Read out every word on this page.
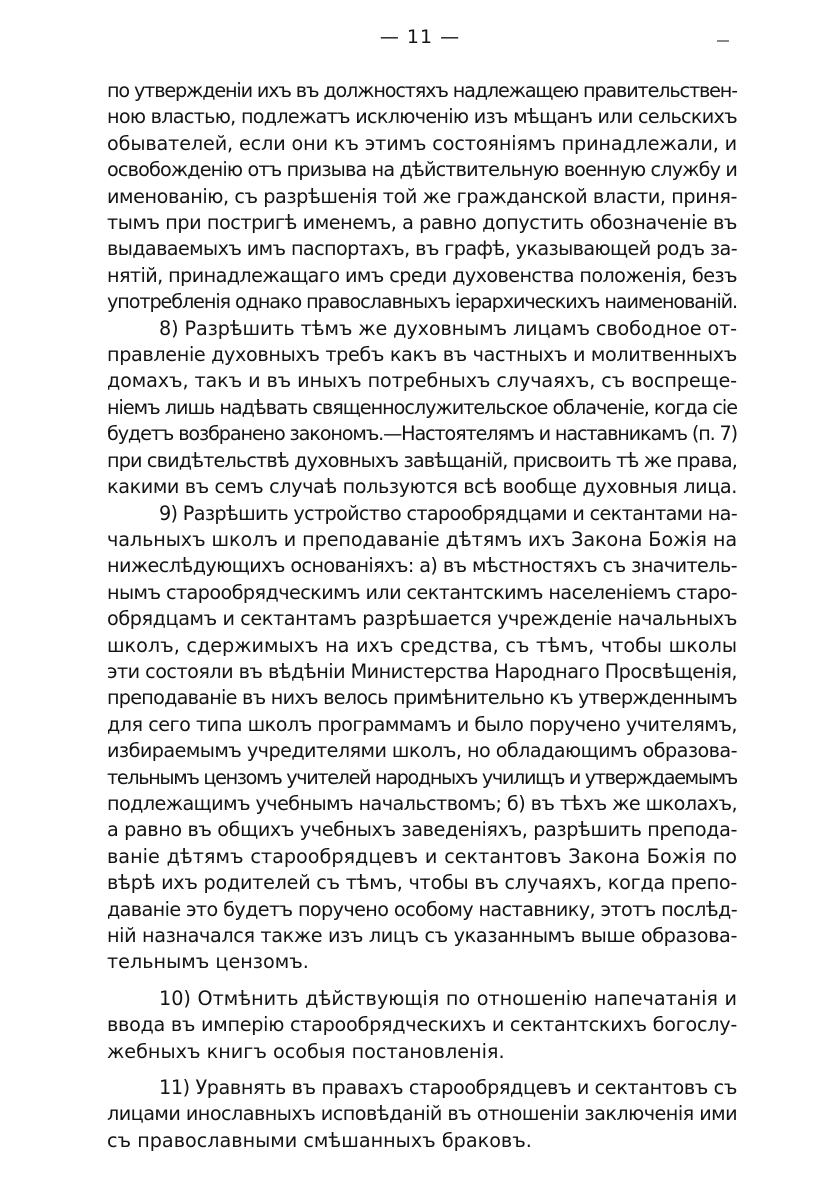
— 11 —
по утвержденіи ихъ въ должностяхъ надлежащею правительствен-
ною властью, подлежатъ исключенію изъ мѣщанъ или сельскихъ
обывателей, если они къ этимъ состояніямъ принадлежали, и
освобожденію отъ призыва на дѣйствительную военную службу и
именованію, съ разрѣшенія той же гражданской власти, приня-
тымъ при постригѣ именемъ, а равно допустить обозначеніе въ
выдаваемыхъ имъ паспортахъ, въ графѣ, указывающей родъ за-
нятій, принадлежащаго имъ среди духовенства положенія, безъ
употребленія однако православныхъ іерархическихъ наименованій.
8) Разрѣшить тѣмъ же духовнымъ лицамъ свободное от-
правленіе духовныхъ требъ какъ въ частныхъ и молитвенныхъ
домахъ, такъ и въ иныхъ потребныхъ случаяхъ, съ воспреще-
ніемъ лишь надѣвать священнослужительское облаченіе, когда сіе
будетъ возбранено закономъ.—Настоятелямъ и наставникамъ (п. 7)
при свидѣтельствѣ духовныхъ завѣщаній, присвоить тѣ же права,
какими въ семъ случаѣ пользуются всѣ вообще духовныя лица.
9) Разрѣшить устройство старообрядцами и сектантами на-
чальныхъ школъ и преподаваніе дѣтямъ ихъ Закона Божія на
нижеслѣдующихъ основаніяхъ: а) въ мѣстностяхъ съ значитель-
нымъ старообрядческимъ или сектантскимъ населеніемъ старо-
обрядцамъ и сектантамъ разрѣшается учрежденіе начальныхъ
школъ, сдержимыхъ на ихъ средства, съ тѣмъ, чтобы школы
эти состояли въ вѣдѣніи Министерства Народнаго Просвѣщенія,
преподаваніе въ нихъ велось примѣнительно къ утвержденнымъ
для сего типа школъ программамъ и было поручено учителямъ,
избираемымъ учредителями школъ, но обладающимъ образова-
тельнымъ цензомъ учителей народныхъ училищъ и утверждаемымъ
подлежащимъ учебнымъ начальствомъ; б) въ тѣхъ же школахъ,
а равно въ общихъ учебныхъ заведеніяхъ, разрѣшить препода-
ваніе дѣтямъ старообрядцевъ и сектантовъ Закона Божія по
вѣрѣ ихъ родителей съ тѣмъ, чтобы въ случаяхъ, когда препо-
даваніе это будетъ поручено особому наставнику, этотъ послѣд-
ній назначался также изъ лицъ съ указаннымъ выше образова-
тельнымъ цензомъ.
10) Отмѣнить дѣйствующія по отношенію напечатанія и
ввода въ имперію старообрядческихъ и сектантскихъ богослу-
жебныхъ книгъ особыя постановленія.
11) Уравнять въ правахъ старообрядцевъ и сектантовъ съ
лицами инославныхъ исповѣданій въ отношеніи заключенія ими
съ православными смѣшанныхъ браковъ.
